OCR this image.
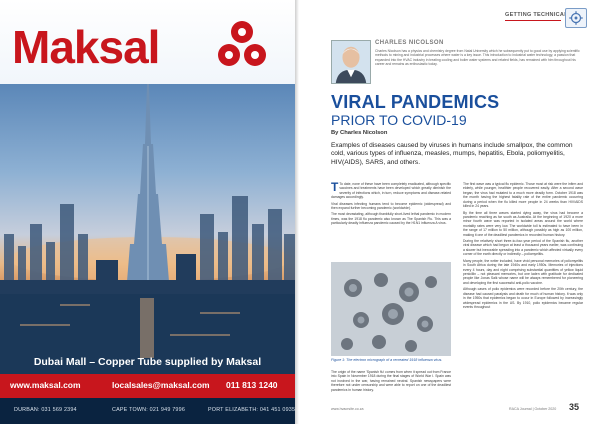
Maksal
Dubai Mall – Copper Tube supplied by Maksal
www.maksal.com	localsales@maksal.com 011 813 1240
DURBAN: 031 569 2394	CAPE TOWN: 021 949 7996	PORT ELIZABETH: 041 451 0935
GETTING TECHNICAL
CHARLES NICOLSON
Charles Nicolson has a physics and chemistry degree from Natal University which he subsequently put to good use by applying scientific methods to mining and industrial processes where water is a key issue. This introduction to industrial water technology, a passion that expanded into the HVAC industry in treating cooling and boiler water systems and related fields, has remained with him throughout his career and remains as enthusiastic today.
VIRAL PANDEMICS
PRIOR TO COVID-19
By Charles Nicolson
Examples of diseases caused by viruses in humans include smallpox, the common cold, various types of influenza, measles, mumps, hepatitis, Ebola, poliomyelitis, HIV(AIDS), SARS, and others.

T To date, none of these have been completely eradicated, although specific vaccines and treatments have been developed which greatly diminish the severity of infections which, in turn, reduce symptoms and disease-related damages accordingly.

Viral diseases infecting humans tend to become epidemic (widespread) and then expand further becoming pandemic (worldwide).

The most devastating, although thankfully short-lived lethal pandemic in modern times, was the 1918 flu pandemic also known as The Spanish Flu. This was a particularly deadly influenza pandemic caused by the H1N1 influenza A virus.

Figure 1: The electron micrograph of a recreated 1918 influenza virus.

The origin of the name 'Spanish flu' comes from when it spread out from France into Spain in November 1918 during the final stages of World War I. Spain was not involved in the war, having remained neutral. Spanish newspapers were therefore not under censorship and were able to report on one of the deadliest pandemics in human history.

The first wave was a typical flu epidemic. Those most at risk were the infirm and elderly, while younger, healthier people recovered easily. After a second wave began, the virus had mutated to a much more deadly form. October 1918 was the month having the highest fatality rate of the entire pandemic occurring during a period when the flu killed more people in 24 weeks than HIV/AIDS killed in 24 years.

By the time all three waves started dying away, the virus had become a pandemic reaching as far south as Australia. At the beginning of 1920 a more minor fourth wave was reported in isolated areas around the world where mortality rates were very low. The worldwide toll is estimated to have been in the range of 17 million to 50 million, although possibly as high as 100 million, making it one of the deadliest pandemics in recorded human history.

During the relatively short three-to-four-year period of the Spanish flu, another viral disease which had begun at least a thousand years earlier, was continuing a slower but inexorable spreading into a pandemic which affected virtually every corner of the earth directly or indirectly – poliomyelitis.

Many people, the writer included, have vivid personal memories of poliomyelitis in South Africa during the late 1940s and early 1950s. Memories of injections every 4 hours, day and night comprising substantial quantities of yellow liquid penicillin – not pleasant memories, but one laden with gratitude for dedicated people like Jonas Salk whose name will be always remembered for pioneering and developing the first successful anti-polio vaccine.

Although cases of polio epidemics were recorded before the 20th century, the disease had caused paralysis and death for much of human history. It was only in the 1950s that epidemics began to occur in Europe followed by increasingly widespread epidemics in the US. By 1910, polio epidemics became regular events throughout

www.hvacrsite.co.za	RACA Journal | October 2020 35
